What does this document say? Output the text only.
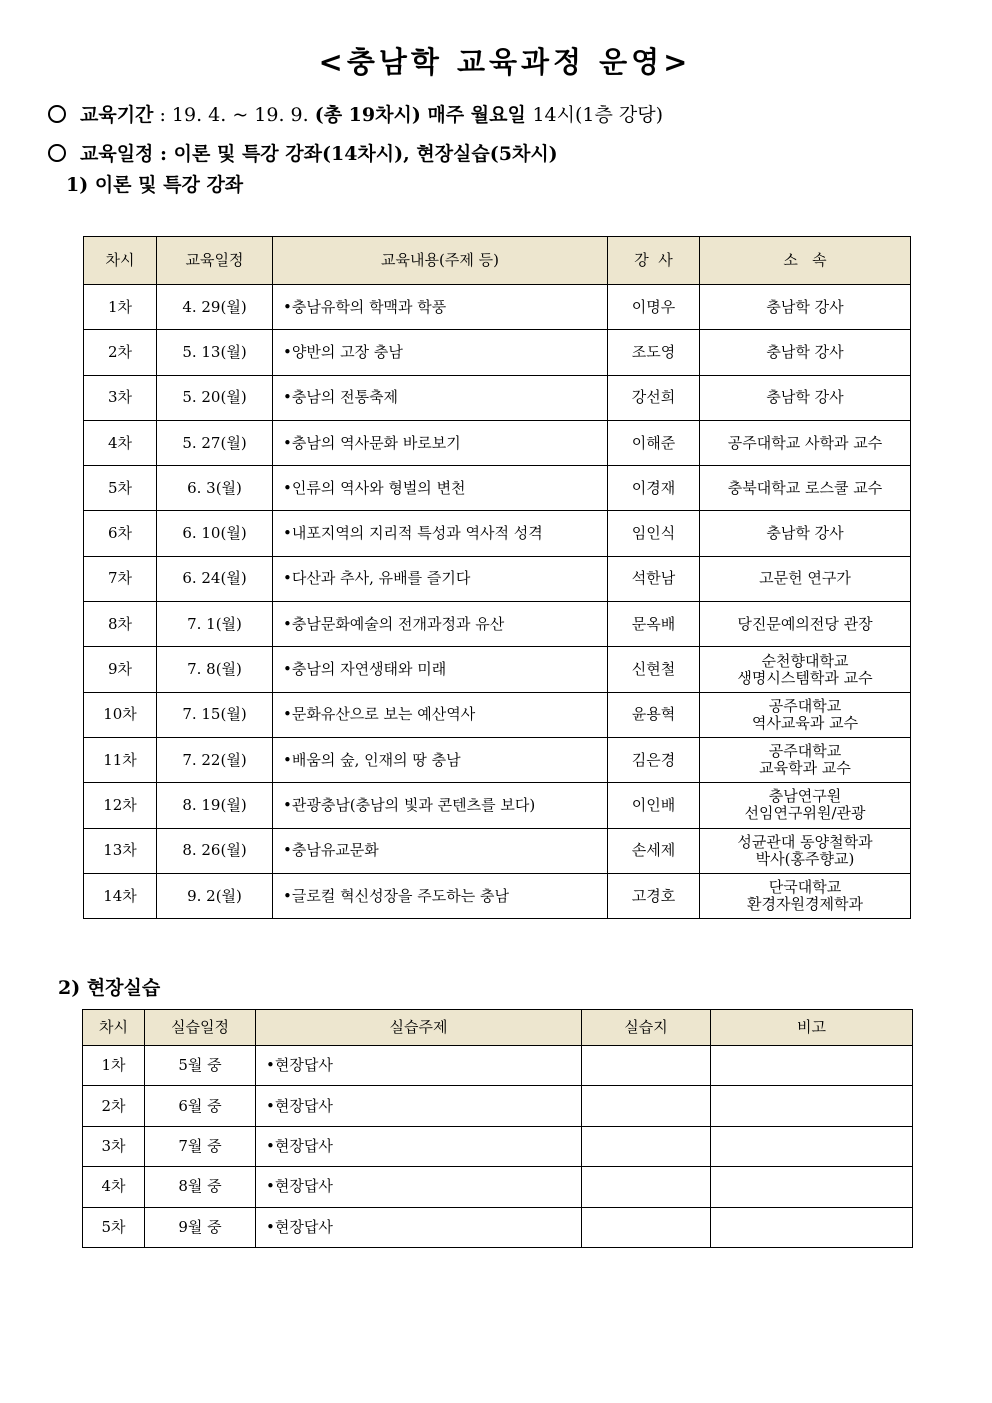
<충남학 교육과정 운영>
교육기간 : 19. 4. ~ 19. 9. (총 19차시) 매주 월요일 14시(1층 강당)
교육일정 : 이론 및 특강 강좌(14차시), 현장실습(5차시)
1) 이론 및 특강 강좌
차시	교육일정	교육내용(주제 등)	강  사	소   속
1차	4. 29(월)	•충남유학의 학맥과 학풍	이명우	충남학 강사
2차	5. 13(월)	•양반의 고장 충남	조도영	충남학 강사
3차	5. 20(월)	•충남의 전통축제	강선희	충남학 강사
4차	5. 27(월)	•충남의 역사문화 바로보기	이해준	공주대학교 사학과 교수
5차	6. 3(월)	•인류의 역사와 형벌의 변천	이경재	충북대학교 로스쿨 교수
6차	6. 10(월)	•내포지역의 지리적 특성과 역사적 성격	임인식	충남학 강사
7차	6. 24(월)	•다산과 추사, 유배를 즐기다	석한남	고문헌 연구가
8차	7. 1(월)	•충남문화예술의 전개과정과 유산	문옥배	당진문예의전당 관장
9차	7. 8(월)	•충남의 자연생태와 미래	신현철	순천향대학교
생명시스템학과 교수
10차	7. 15(월)	•문화유산으로 보는 예산역사	윤용혁	공주대학교
역사교육과 교수
11차	7. 22(월)	•배움의 숲, 인재의 땅 충남	김은경	공주대학교
교육학과 교수
12차	8. 19(월)	•관광충남(충남의 빛과 콘텐츠를 보다)	이인배	충남연구원
선임연구위원/관광
13차	8. 26(월)	•충남유교문화	손세제	성균관대 동양철학과
박사(홍주향교)
14차	9. 2(월)	•글로컬 혁신성장을 주도하는 충남	고경호	단국대학교
환경자원경제학과
2) 현장실습
차시	실습일정	실습주제	실습지	비고
1차	5월 중	•현장답사		
2차	6월 중	•현장답사		
3차	7월 중	•현장답사		
4차	8월 중	•현장답사		
5차	9월 중	•현장답사		
